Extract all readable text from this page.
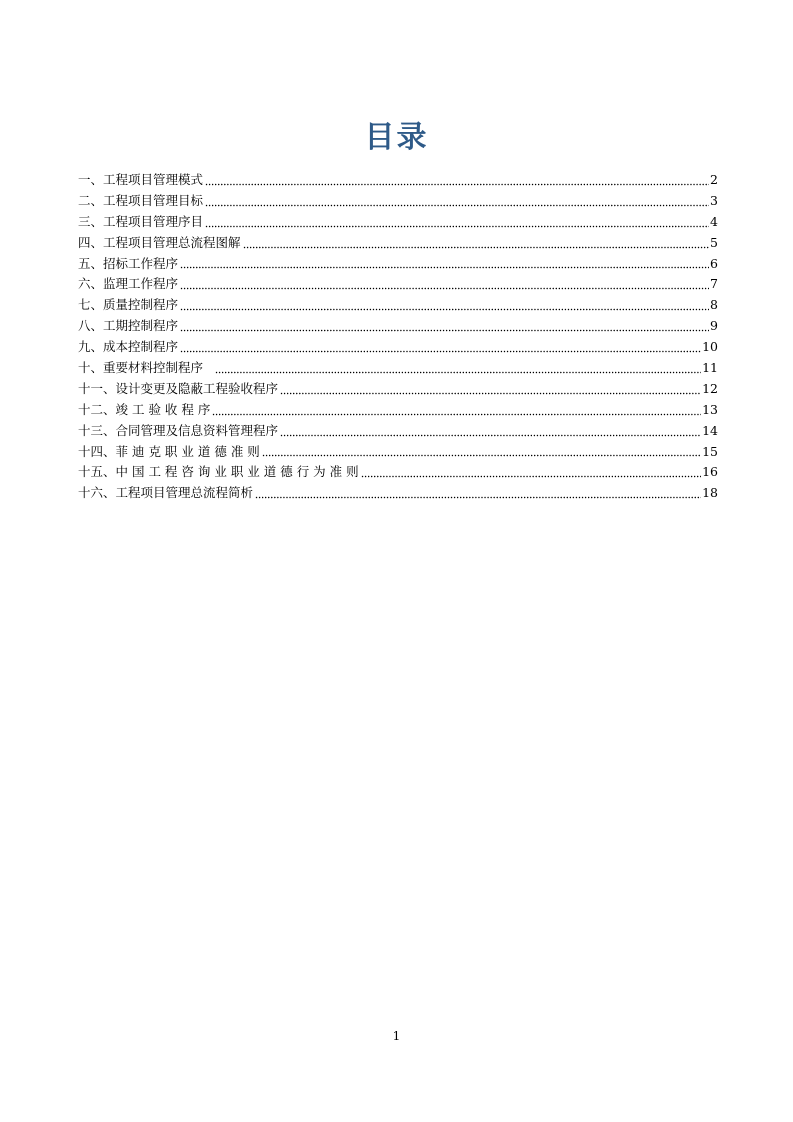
目录
一、工程项目管理模式	2
二、工程项目管理目标	3
三、工程项目管理序目	4
四、工程项目管理总流程图解	5
五、招标工作程序	6
六、监理工作程序	7
七、质量控制程序	8
八、工期控制程序	9
九、成本控制程序	10
十、重要材料控制程序	11
十一、设计变更及隐蔽工程验收程序	12
十二、竣 工 验 收 程 序	13
十三、合同管理及信息资料管理程序	14
十四、菲 迪 克 职 业 道 德 准 则	15
十五、中 国 工 程 咨 询 业 职 业 道 德 行 为 准 则	16
十六、工程项目管理总流程简析	18
1
